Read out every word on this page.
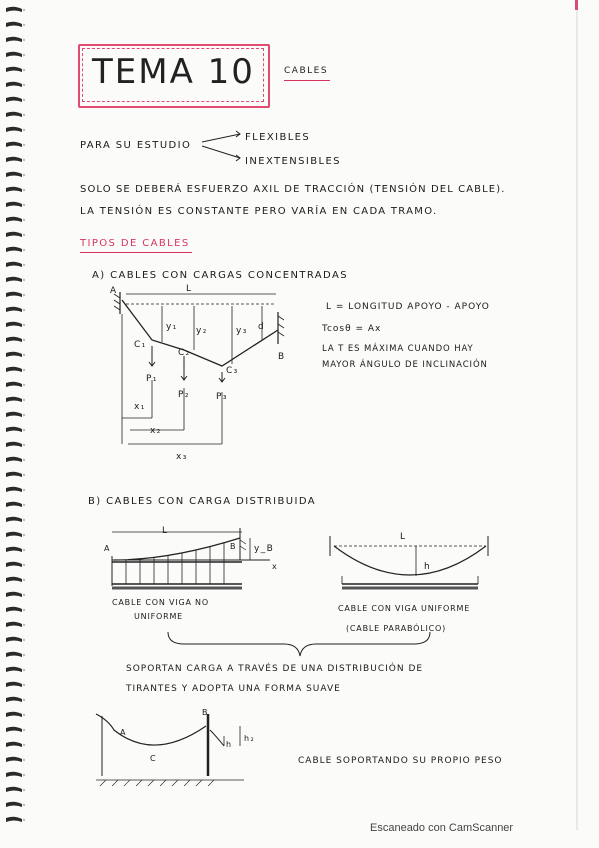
TEMA 10	CABLES
PARA SU ESTUDIO
FLEXIBLES
INEXTENSIBLES
SOLO SE DEBERÁ ESFUERZO AXIL DE TRACCIÓN (TENSIÓN DEL CABLE).
LA TENSIÓN ES CONSTANTE PERO VARÍA EN CADA TRAMO.
TIPOS DE CABLES
A) CABLES CON CARGAS CONCENTRADAS
A	L
y₁ y₂	y₃ d
B
C₁
C₂
C₃
P₁
P₂	P₃
x₁
x₂
x₃
L = LONGITUD APOYO - APOYO
Tcosθ = Ax
LA T ES MÁXIMA CUANDO HAY
MAYOR ÁNGULO DE INCLINACIÓN
B) CABLES CON CARGA DISTRIBUIDA
L
A	B y_B
x
CABLE CON VIGA NO
UNIFORME
L
h
CABLE CON VIGA UNIFORME
(CABLE PARABÓLICO)
SOPORTAN CARGA A TRAVÉS DE UNA DISTRIBUCIÓN DE
TIRANTES Y ADOPTA UNA FORMA SUAVE
A
B
C
h
h₂
CABLE SOPORTANDO SU PROPIO PESO
Escaneado con CamScanner
